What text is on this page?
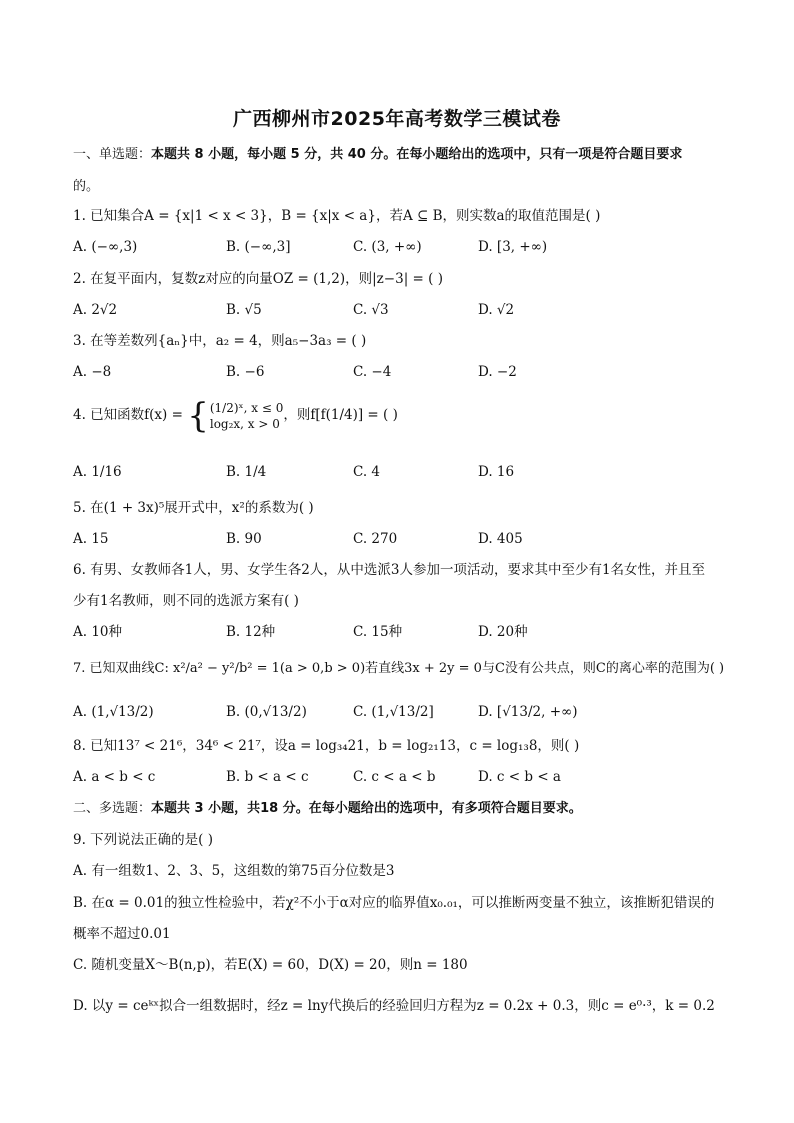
广西柳州市2025年高考数学三模试卷
一、单选题：本题共 8 小题，每小题 5 分，共 40 分。在每小题给出的选项中，只有一项是符合题目要求
的。
1. 已知集合A = {x|1 < x < 3}，B = {x|x < a}，若A ⊆ B，则实数a的取值范围是( )
A. (−∞,3)	B. (−∞,3]	C. (3, +∞)	D. [3, +∞)
2. 在复平面内，复数z对应的向量OZ = (1,2)，则|z−3| = ( )
A. 2√2	B. √5	C. √3	D. √2
3. 在等差数列{aₙ}中，a₂ = 4，则a₅−3a₃ = ( )
A. −8	B. −6	C. −4	D. −2
4. 已知函数f(x) = { (1/2)ˣ, x ≤ 0
log₂x, x > 0
，则f[f(1/4)] = ( )
A. 1/16	B. 1/4	C. 4	D. 16
5. 在(1 + 3x)⁵展开式中，x²的系数为( )
A. 15	B. 90	C. 270	D. 405
6. 有男、女教师各1人，男、女学生各2人，从中选派3人参加一项活动，要求其中至少有1名女性，并且至
少有1名教师，则不同的选派方案有( )
A. 10种	B. 12种	C. 15种	D. 20种
7. 已知双曲线C: x²/a² − y²/b² = 1(a > 0,b > 0)若直线3x + 2y = 0与C没有公共点，则C的离心率的范围为( )
A. (1,√13/2)	B. (0,√13/2)	C. (1,√13/2]	D. [√13/2, +∞)
8. 已知13⁷ < 21⁶，34⁶ < 21⁷，设a = log₃₄21，b = log₂₁13，c = log₁₃8，则( )
A. a < b < c	B. b < a < c	C. c < a < b	D. c < b < a
二、多选题：本题共 3 小题，共18 分。在每小题给出的选项中，有多项符合题目要求。
9. 下列说法正确的是( )
A. 有一组数1、2、3、5，这组数的第75百分位数是3
B. 在α = 0.01的独立性检验中，若χ²不小于α对应的临界值x₀.₀₁，可以推断两变量不独立，该推断犯错误的
概率不超过0.01
C. 随机变量X～B(n,p)，若E(X) = 60，D(X) = 20，则n = 180
D. 以y = ceᵏˣ拟合一组数据时，经z = lny代换后的经验回归方程为z = 0.2x + 0.3，则c = e⁰·³，k = 0.2
